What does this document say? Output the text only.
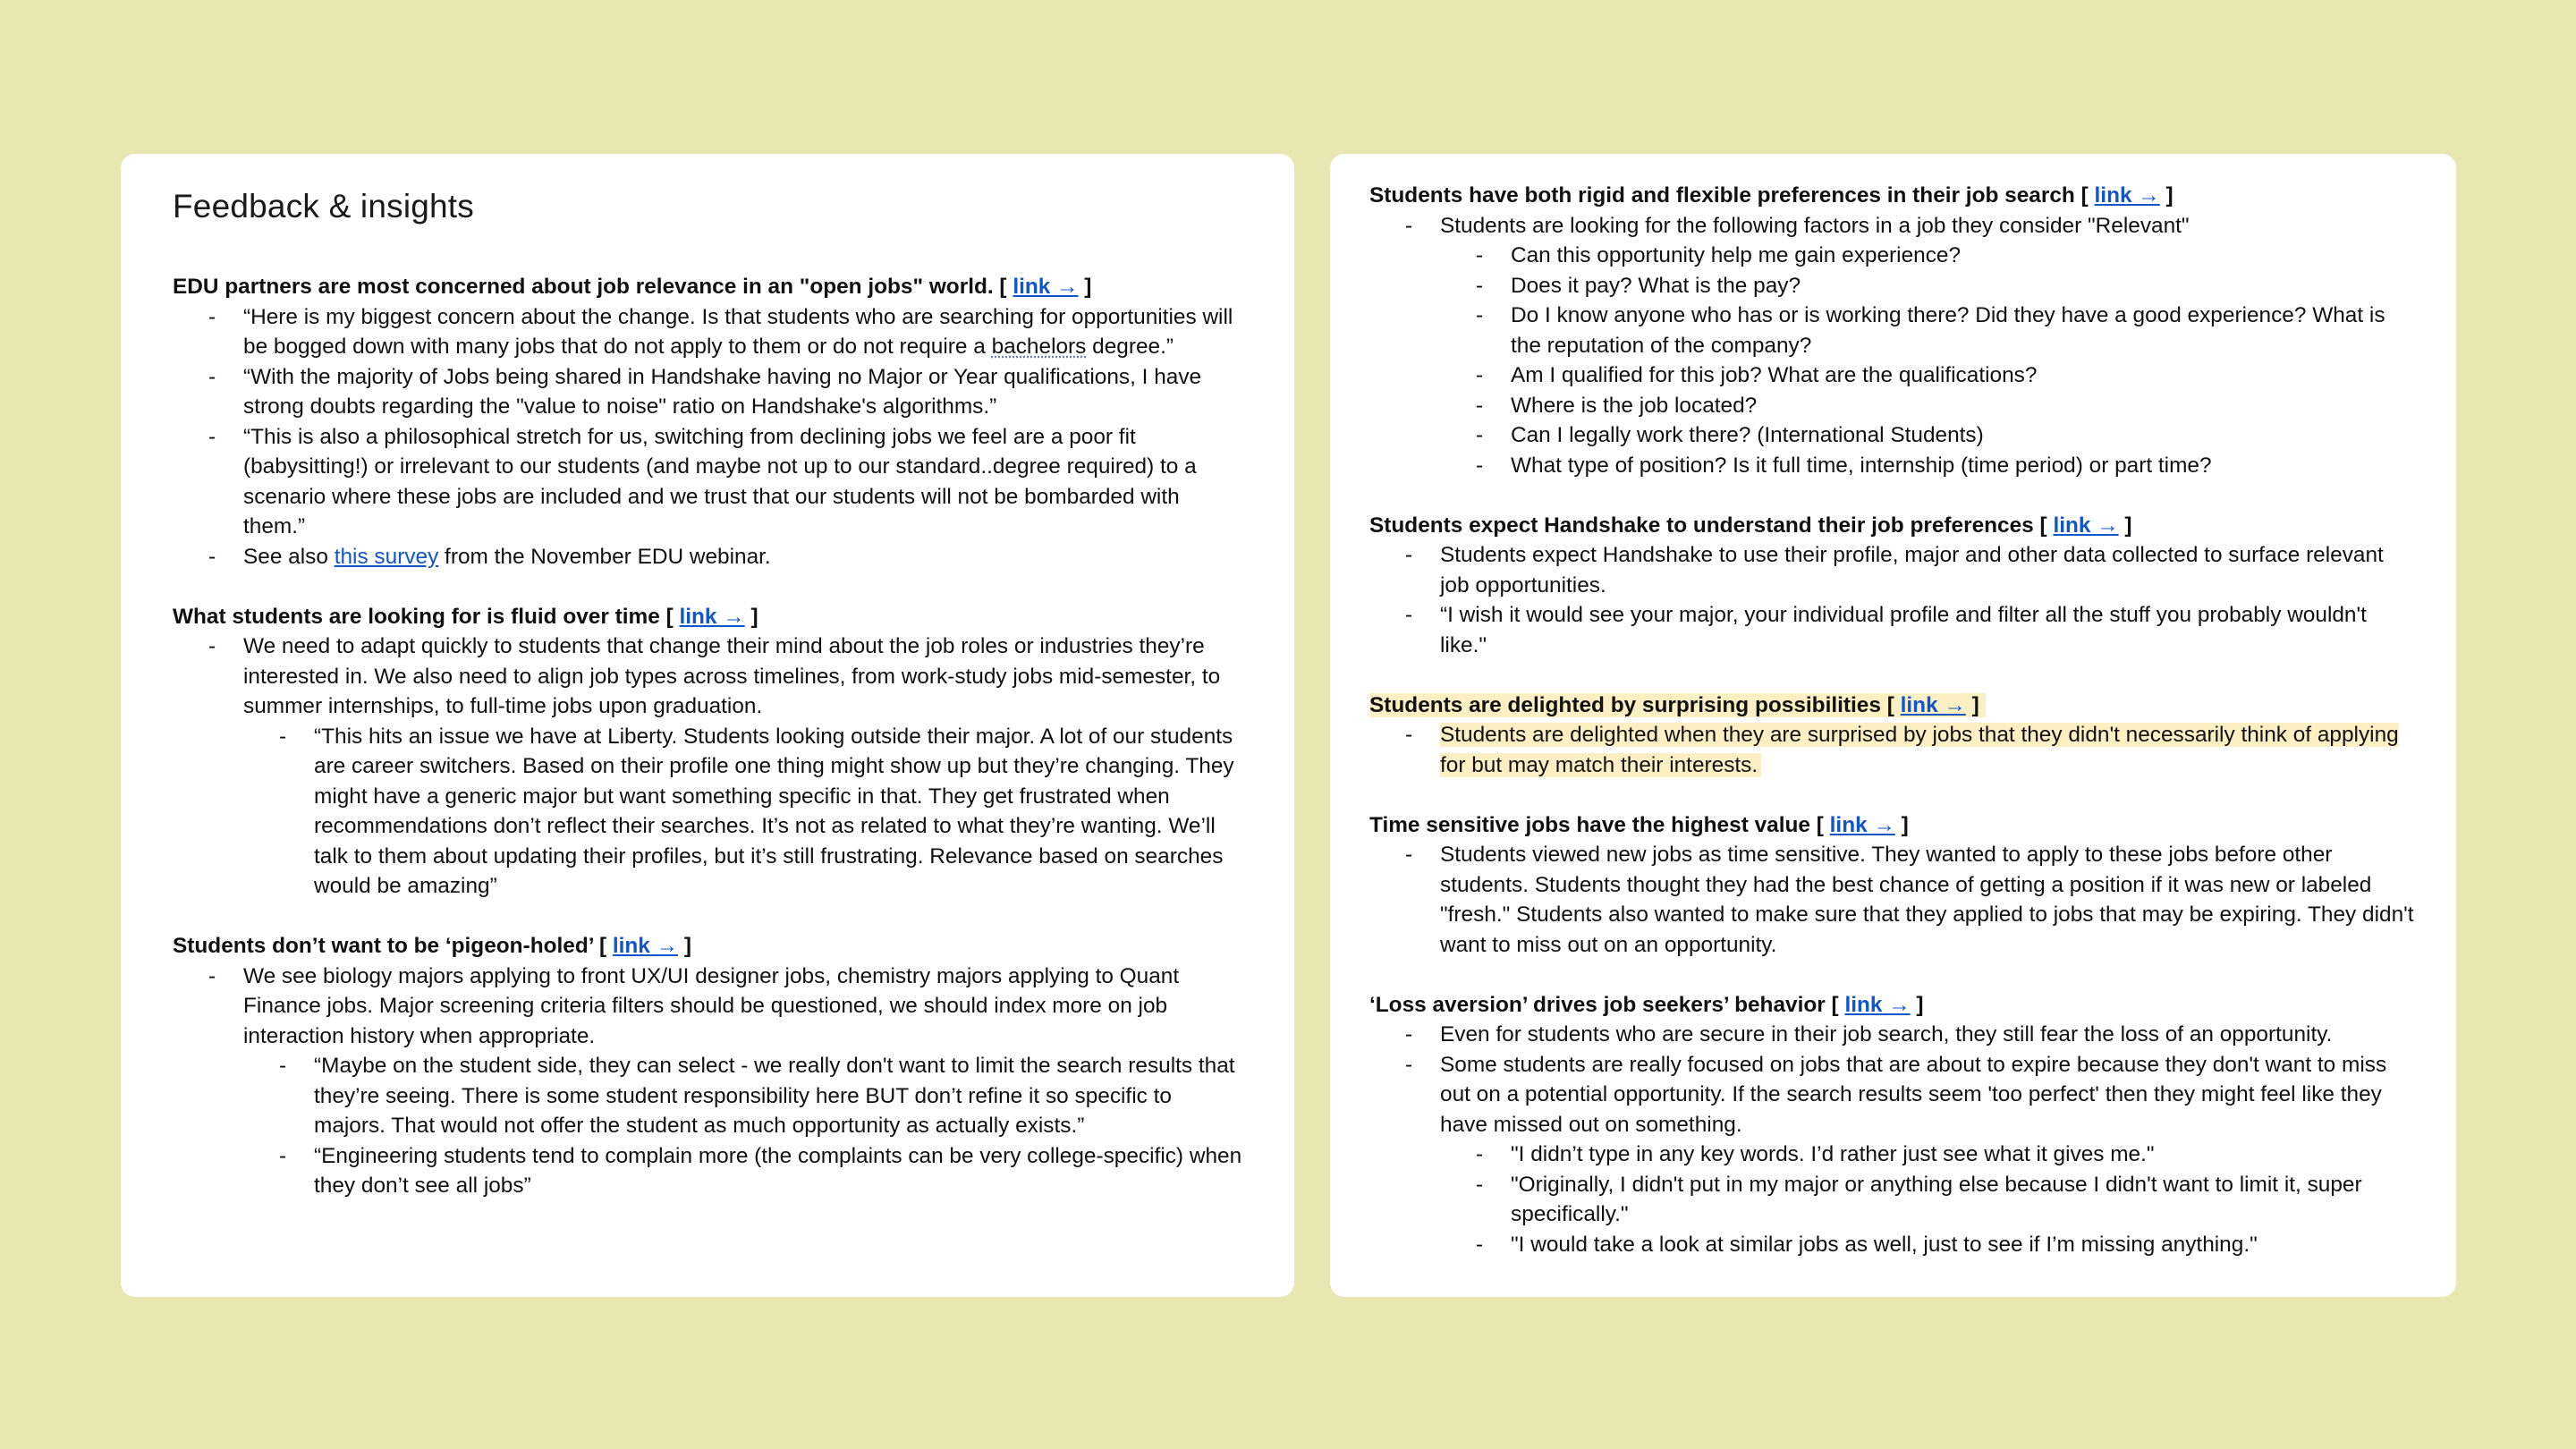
Feedback & insights
EDU partners are most concerned about job relevance in an "open jobs" world. [ link → ]
- “Here is my biggest concern about the change. Is that students who are searching for opportunities will be bogged down with many jobs that do not apply to them or do not require a bachelors degree.”
- “With the majority of Jobs being shared in Handshake having no Major or Year qualifications, I have strong doubts regarding the "value to noise" ratio on Handshake's algorithms.”
- “This is also a philosophical stretch for us, switching from declining jobs we feel are a poor fit (babysitting!) or irrelevant to our students (and maybe not up to our standard..degree required) to a scenario where these jobs are included and we trust that our students will not be bombarded with them.”
- See also this survey from the November EDU webinar.
What students are looking for is fluid over time [ link → ]
- We need to adapt quickly to students that change their mind about the job roles or industries they’re interested in. We also need to align job types across timelines, from work-study jobs mid-semester, to summer internships, to full-time jobs upon graduation.
- “This hits an issue we have at Liberty. Students looking outside their major. A lot of our students are career switchers. Based on their profile one thing might show up but they’re changing. They might have a generic major but want something specific in that. They get frustrated when recommendations don’t reflect their searches. It’s not as related to what they’re wanting. We’ll talk to them about updating their profiles, but it’s still frustrating. Relevance based on searches would be amazing”
Students don’t want to be ‘pigeon-holed’ [ link → ]
- We see biology majors applying to front UX/UI designer jobs, chemistry majors applying to Quant Finance jobs. Major screening criteria filters should be questioned, we should index more on job interaction history when appropriate.
- “Maybe on the student side, they can select - we really don't want to limit the search results that they’re seeing. There is some student responsibility here BUT don’t refine it so specific to majors. That would not offer the student as much opportunity as actually exists.”
- “Engineering students tend to complain more (the complaints can be very college-specific) when they don’t see all jobs”
Students have both rigid and flexible preferences in their job search [ link → ]
- Students are looking for the following factors in a job they consider "Relevant"
- Can this opportunity help me gain experience?
- Does it pay? What is the pay?
- Do I know anyone who has or is working there? Did they have a good experience? What is the reputation of the company?
- Am I qualified for this job? What are the qualifications?
- Where is the job located?
- Can I legally work there? (International Students)
- What type of position? Is it full time, internship (time period) or part time?
Students expect Handshake to understand their job preferences [ link → ]
- Students expect Handshake to use their profile, major and other data collected to surface relevant job opportunities.
- “I wish it would see your major, your individual profile and filter all the stuff you probably wouldn't like."
Students are delighted by surprising possibilities [ link → ]
- Students are delighted when they are surprised by jobs that they didn't necessarily think of applying for but may match their interests.
Time sensitive jobs have the highest value [ link → ]
- Students viewed new jobs as time sensitive. They wanted to apply to these jobs before other students. Students thought they had the best chance of getting a position if it was new or labeled "fresh." Students also wanted to make sure that they applied to jobs that may be expiring. They didn't want to miss out on an opportunity.
‘Loss aversion’ drives job seekers’ behavior [ link → ]
- Even for students who are secure in their job search, they still fear the loss of an opportunity.
- Some students are really focused on jobs that are about to expire because they don't want to miss out on a potential opportunity. If the search results seem 'too perfect' then they might feel like they have missed out on something.
- "I didn’t type in any key words. I’d rather just see what it gives me."
- "Originally, I didn't put in my major or anything else because I didn't want to limit it, super specifically."
- "I would take a look at similar jobs as well, just to see if I’m missing anything."
